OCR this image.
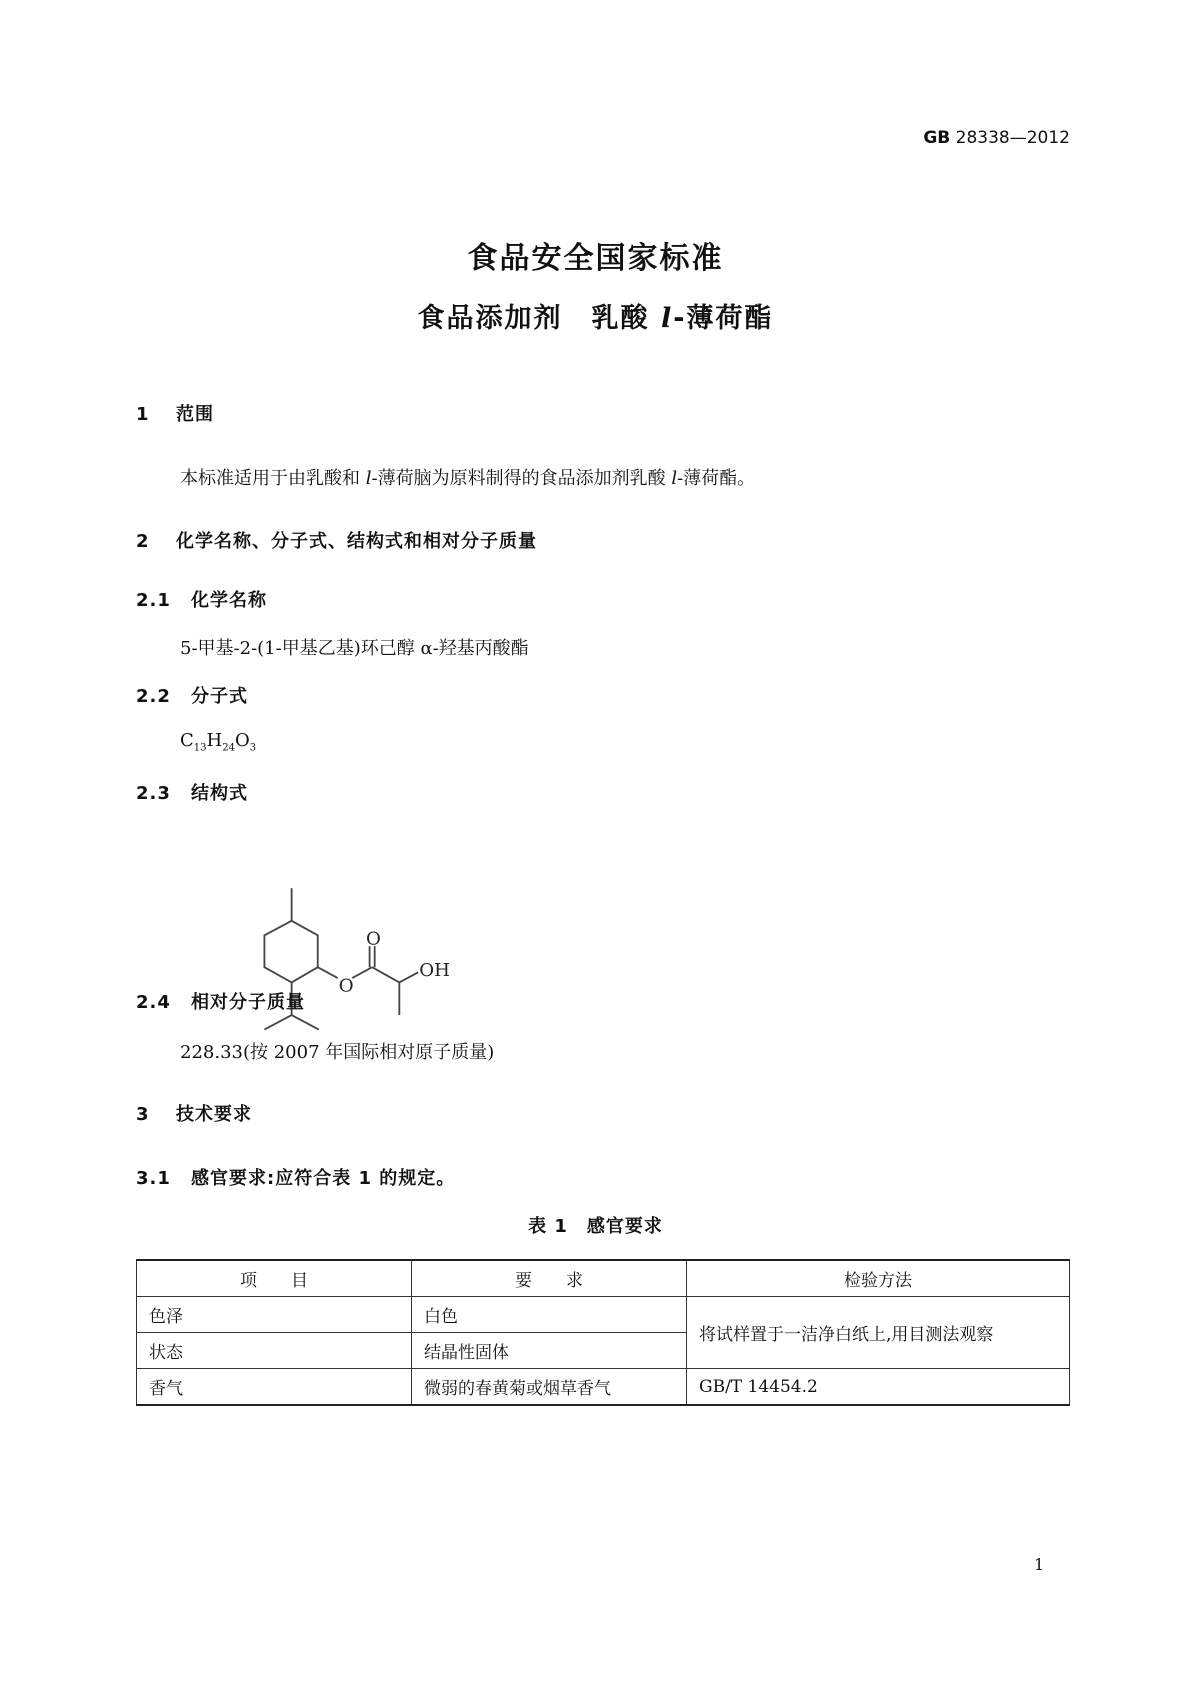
GB 28338—2012
食品安全国家标准
食品添加剂　乳酸 l-薄荷酯
1 范围
本标准适用于由乳酸和 l-薄荷脑为原料制得的食品添加剂乳酸 l-薄荷酯。
2 化学名称、分子式、结构式和相对分子质量
2.1 化学名称
5-甲基-2-(1-甲基乙基)环己醇 α-羟基丙酸酯
2.2 分子式
$C_{13}H_{24}O_3$
2.3 结构式
O
O
OH
2.4 相对分子质量
228.33(按 2007 年国际相对原子质量)
3 技术要求
3.1 感官要求:应符合表 1 的规定。
表 1　感官要求
项　　目	要　　求	检验方法
色泽	白色	将试样置于一洁净白纸上,用目测法观察
状态	结晶性固体	
香气	微弱的春黄菊或烟草香气	GB/T 14454.2
1
